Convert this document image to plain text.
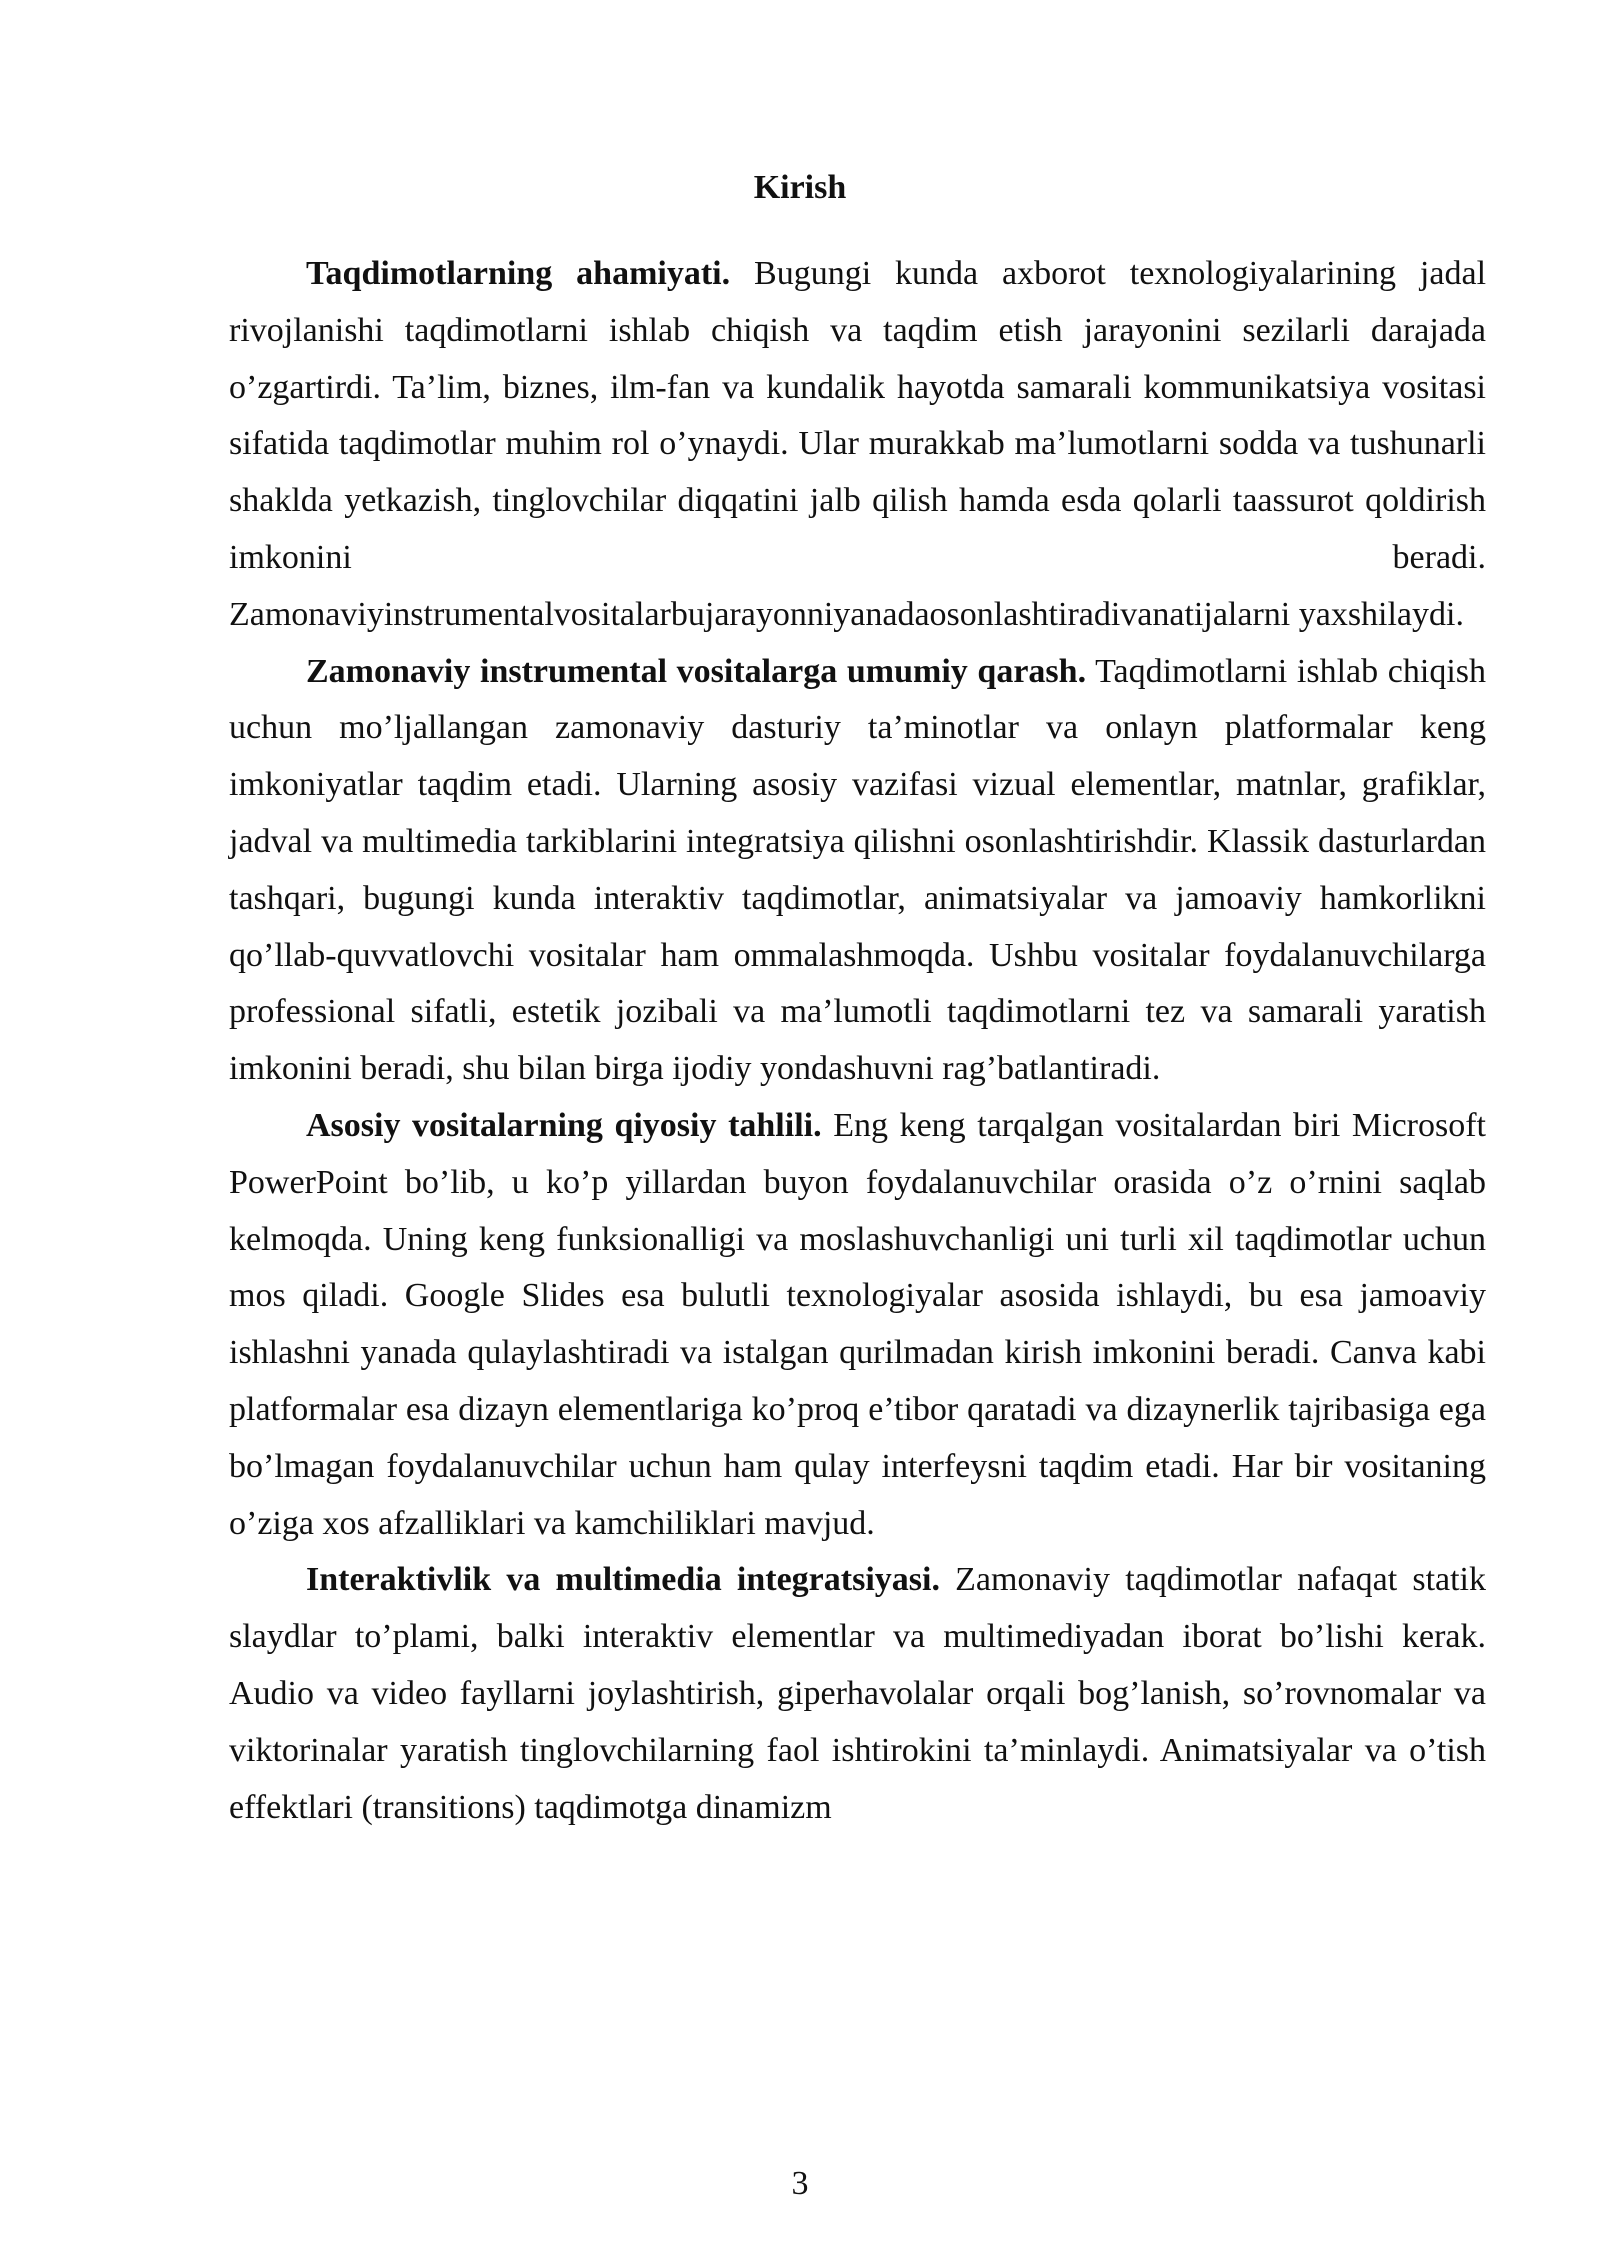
Kirish

Taqdimotlarning ahamiyati. Bugungi kunda axborot texnologiyalarining jadal rivojlanishi taqdimotlarni ishlab chiqish va taqdim etish jarayonini sezilarli darajada o’zgartirdi. Ta’lim, biznes, ilm-fan va kundalik hayotda samarali kommunikatsiya vositasi sifatida taqdimotlar muhim rol o’ynaydi. Ular murakkab ma’lumotlarni sodda va tushunarli shaklda yetkazish, tinglovchilar diqqatini jalb qilish hamda esda qolarli taassurot qoldirish imkonini beradi. Zamonaviyinstrumentalvositalarbujarayonniyanadaosonlashtiradivanatijalarni yaxshilaydi.

Zamonaviy instrumental vositalarga umumiy qarash. Taqdimotlarni ishlab chiqish uchun mo’ljallangan zamonaviy dasturiy ta’minotlar va onlayn platformalar keng imkoniyatlar taqdim etadi. Ularning asosiy vazifasi vizual elementlar, matnlar, grafiklar, jadval va multimedia tarkiblarini integratsiya qilishni osonlashtirishdir. Klassik dasturlardan tashqari, bugungi kunda interaktiv taqdimotlar, animatsiyalar va jamoaviy hamkorlikni qo’llab-quvvatlovchi vositalar ham ommalashmoqda. Ushbu vositalar foydalanuvchilarga professional sifatli, estetik jozibali va ma’lumotli taqdimotlarni tez va samarali yaratish imkonini beradi, shu bilan birga ijodiy yondashuvni rag’batlantiradi.

Asosiy vositalarning qiyosiy tahlili. Eng keng tarqalgan vositalardan biri Microsoft PowerPoint bo’lib, u ko’p yillardan buyon foydalanuvchilar orasida o’z o’rnini saqlab kelmoqda. Uning keng funksionalligi va moslashuvchanligi uni turli xil taqdimotlar uchun mos qiladi. Google Slides esa bulutli texnologiyalar asosida ishlaydi, bu esa jamoaviy ishlashni yanada qulaylashtiradi va istalgan qurilmadan kirish imkonini beradi. Canva kabi platformalar esa dizayn elementlariga ko’proq e’tibor qaratadi va dizaynerlik tajribasiga ega bo’lmagan foydalanuvchilar uchun ham qulay interfeysni taqdim etadi. Har bir vositaning o’ziga xos afzalliklari va kamchiliklari mavjud.

Interaktivlik va multimedia integratsiyasi. Zamonaviy taqdimotlar nafaqat statik slaydlar to’plami, balki interaktiv elementlar va multimediyadan iborat bo’lishi kerak. Audio va video fayllarni joylashtirish, giperhavolalar orqali bog’lanish, so’rovnomalar va viktorinalar yaratish tinglovchilarning faol ishtirokini ta’minlaydi. Animatsiyalar va o’tish effektlari (transitions) taqdimotga dinamizm

3
